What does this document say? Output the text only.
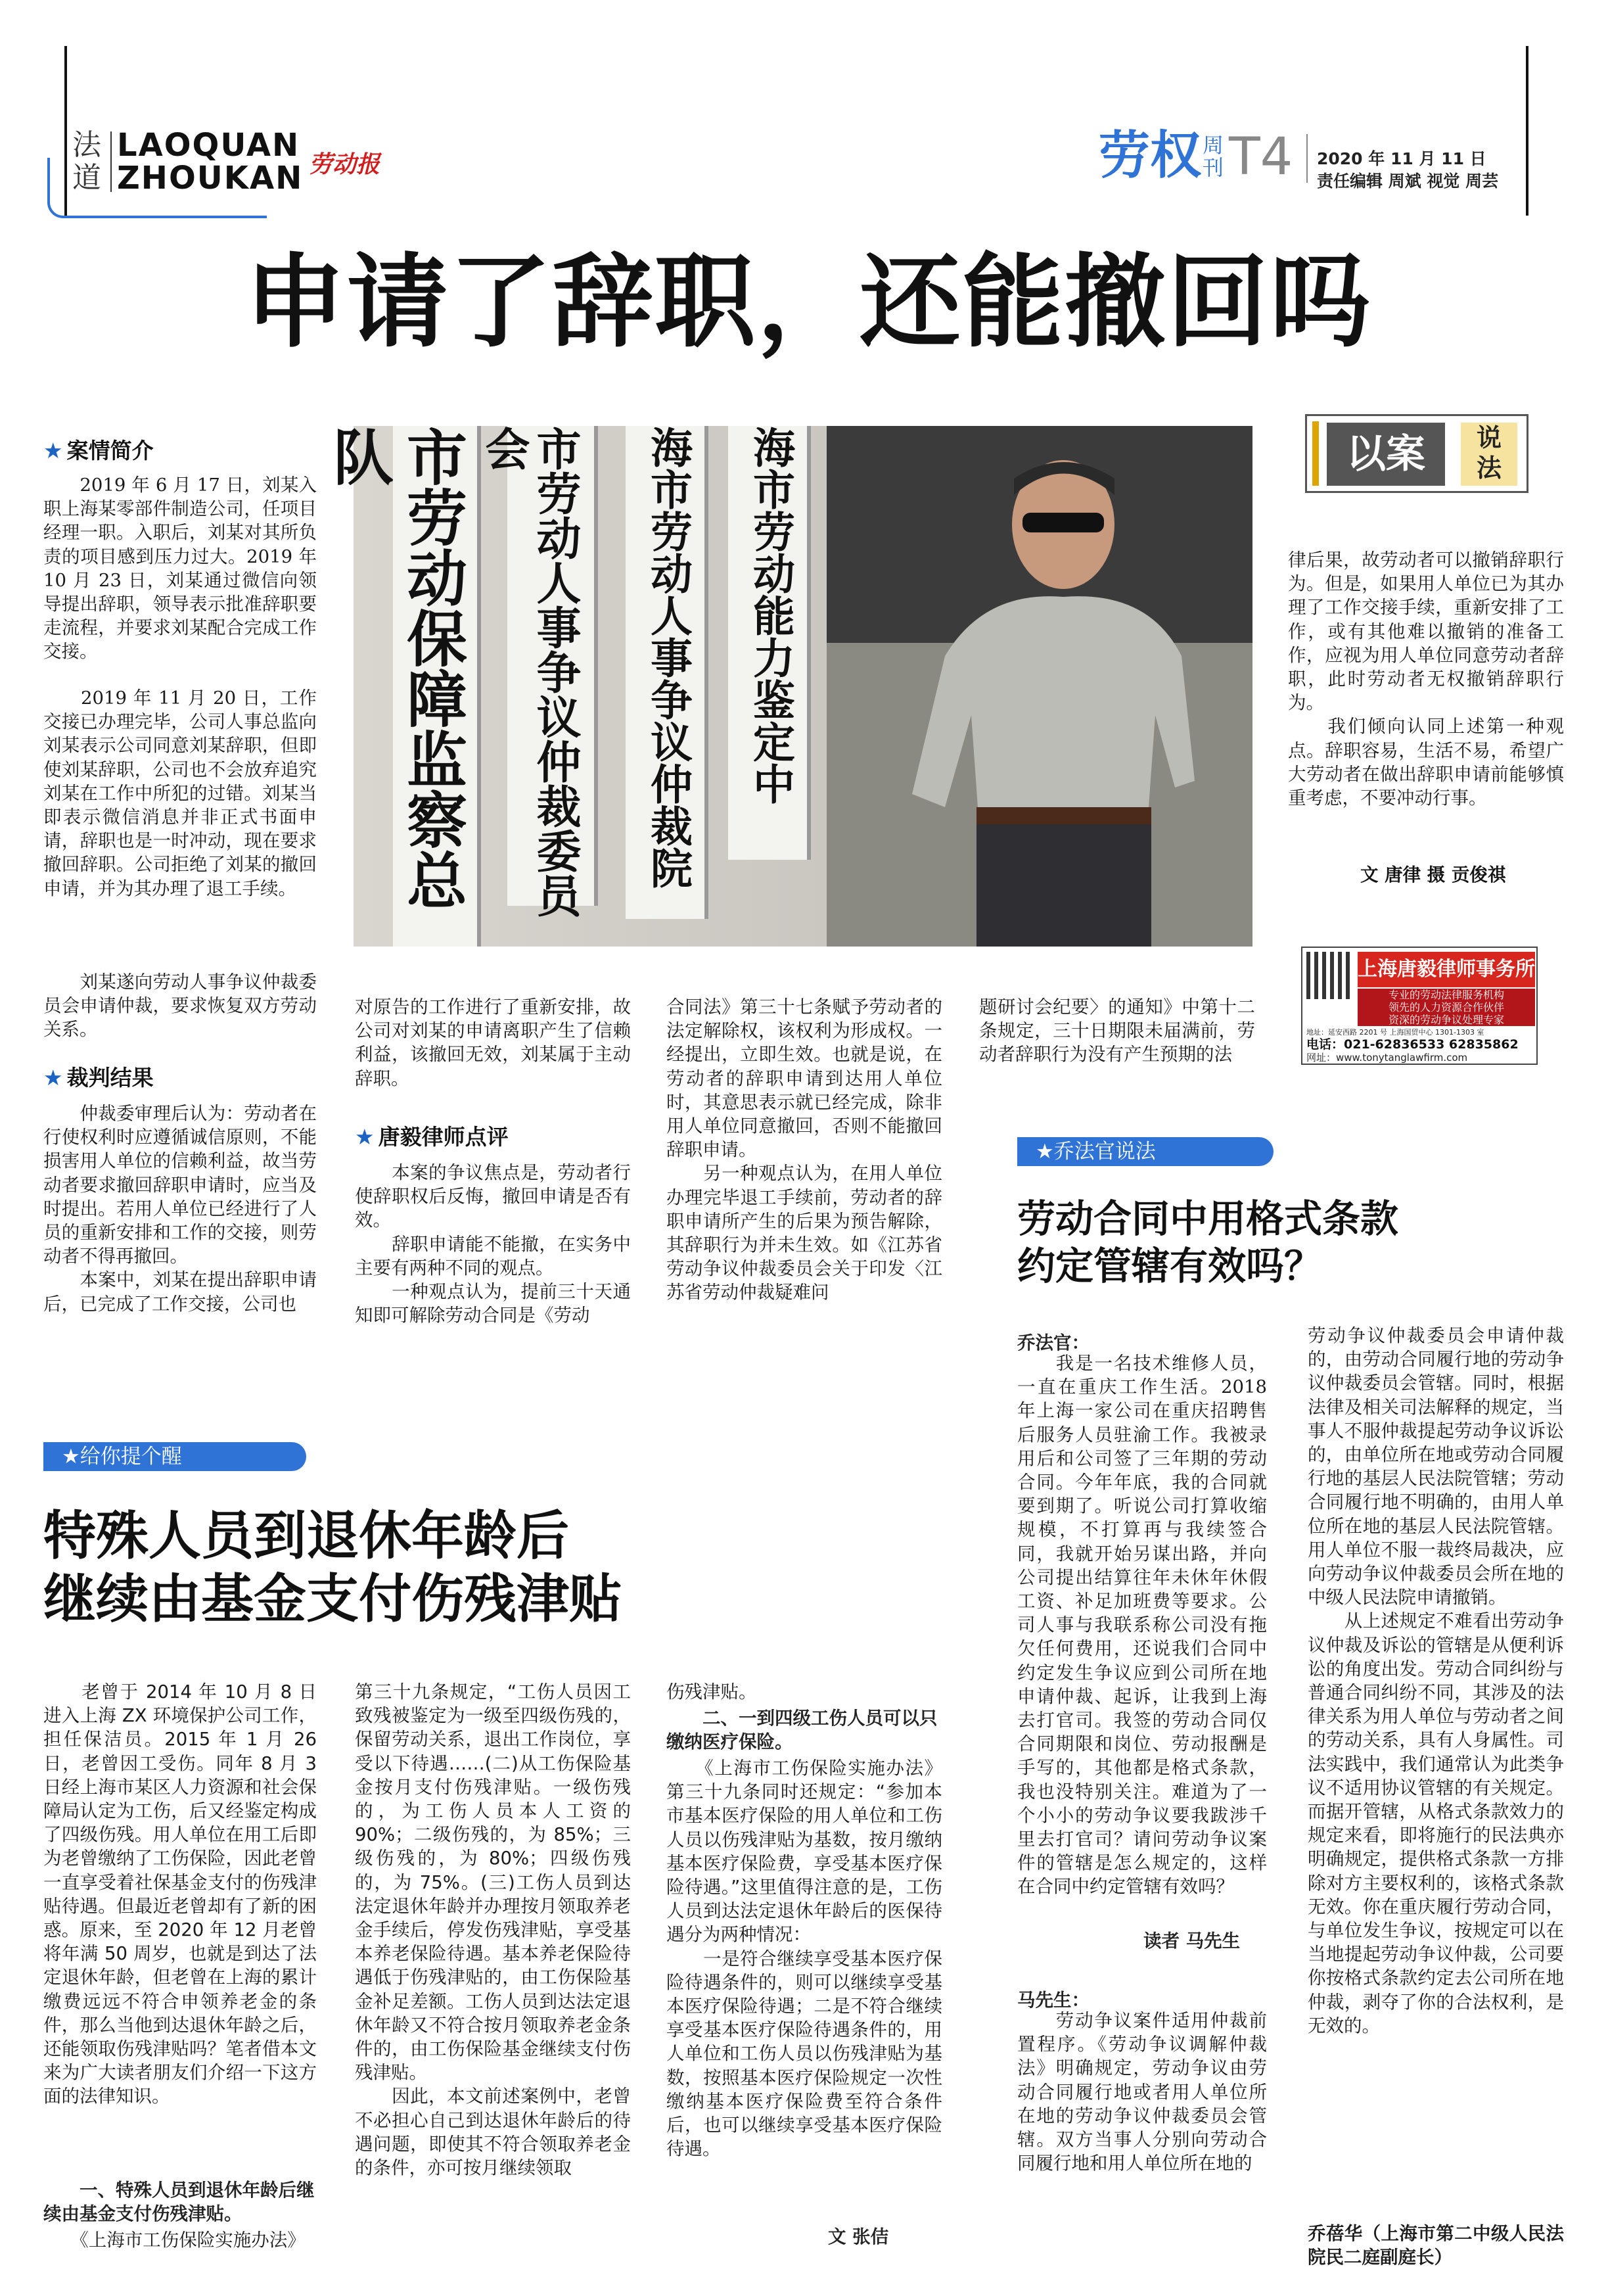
法
道
LAOQUAN
ZHOUKAN 劳动报	劳权 周
刊 T4 2020 年 11 月 11 日
责任编辑 周斌 视觉 周芸
申请了辞职，还能撤回吗
市劳动保障监察总队	市劳动人事争议仲裁委员会	海市劳动人事争议仲裁院 海市劳动能力鉴定中	以案	说
法
★ 案情简介

　　2019 年 6 月 17 日，刘某入职上海某零部件制造公司，任项目经理一职。入职后，刘某对其所负责的项目感到压力过大。2019 年 10 月 23 日，刘某通过微信向领导提出辞职，领导表示批准辞职要走流程，并要求刘某配合完成工作交接。

　　2019 年 11 月 20 日，工作交接已办理完毕，公司人事总监向刘某表示公司同意刘某辞职，但即使刘某辞职，公司也不会放弃追究刘某在工作中所犯的过错。刘某当即表示微信消息并非正式书面申请，辞职也是一时冲动，现在要求撤回辞职。公司拒绝了刘某的撤回申请，并为其办理了退工手续。

　　刘某遂向劳动人事争议仲裁委员会申请仲裁，要求恢复双方劳动关系。

★ 裁判结果

　　仲裁委审理后认为：劳动者在行使权利时应遵循诚信原则，不能损害用人单位的信赖利益，故当劳动者要求撤回辞职申请时，应当及时提出。若用人单位已经进行了人员的重新安排和工作的交接，则劳动者不得再撤回。
　　本案中，刘某在提出辞职申请后，已完成了工作交接，公司也

对原告的工作进行了重新安排，故公司对刘某的申请离职产生了信赖利益，该撤回无效，刘某属于主动辞职。

★ 唐毅律师点评

　　本案的争议焦点是，劳动者行使辞职权后反悔，撤回申请是否有效。
　　辞职申请能不能撤，在实务中主要有两种不同的观点。
　　一种观点认为，提前三十天通知即可解除劳动合同是《劳动

合同法》第三十七条赋予劳动者的法定解除权，该权利为形成权。一经提出，立即生效。也就是说，在劳动者的辞职申请到达用人单位时，其意思表示就已经完成，除非用人单位同意撤回，否则不能撤回辞职申请。
　　另一种观点认为，在用人单位办理完毕退工手续前，劳动者的辞职申请所产生的后果为预告解除，其辞职行为并未生效。如《江苏省劳动争议仲裁委员会关于印发〈江苏省劳动仲裁疑难问

题研讨会纪要〉的通知》中第十二条规定，三十日期限未届满前，劳动者辞职行为没有产生预期的法

律后果，故劳动者可以撤销辞职行为。但是，如果用人单位已为其办理了工作交接手续，重新安排了工作，或有其他难以撤销的准备工作，应视为用人单位同意劳动者辞职，此时劳动者无权撤销辞职行为。
　　我们倾向认同上述第一种观点。辞职容易，生活不易，希望广大劳动者在做出辞职申请前能够慎重考虑，不要冲动行事。

文 唐律 摄 贡俊祺
上海唐毅律师事务所
专业的劳动法律服务机构
领先的人力资源合作伙伴
资深的劳动争议处理专家
地址：延安西路 2201 号 上海国贸中心 1301-1303 室
电话：021-62836533 62835862
网址：www.tonytanglawfirm.com
★乔法官说法
劳动合同中用格式条款
约定管辖有效吗？
乔法官：

　　我是一名技术维修人员，一直在重庆工作生活。2018 年上海一家公司在重庆招聘售后服务人员驻渝工作。我被录用后和公司签了三年期的劳动合同。今年年底，我的合同就要到期了。听说公司打算收缩规模，不打算再与我续签合同，我就开始另谋出路，并向公司提出结算往年未休年休假工资、补足加班费等要求。公司人事与我联系称公司没有拖欠任何费用，还说我们合同中约定发生争议应到公司所在地申请仲裁、起诉，让我到上海去打官司。我签的劳动合同仅合同期限和岗位、劳动报酬是手写的，其他都是格式条款，我也没特别关注。难道为了一个小小的劳动争议要我跋涉千里去打官司？请问劳动争议案件的管辖是怎么规定的，这样在合同中约定管辖有效吗？

读者 马先生
马先生：

　　劳动争议案件适用仲裁前置程序。《劳动争议调解仲裁法》明确规定，劳动争议由劳动合同履行地或者用人单位所在地的劳动争议仲裁委员会管辖。双方当事人分别向劳动合同履行地和用人单位所在地的

劳动争议仲裁委员会申请仲裁的，由劳动合同履行地的劳动争议仲裁委员会管辖。同时，根据法律及相关司法解释的规定，当事人不服仲裁提起劳动争议诉讼的，由单位所在地或劳动合同履行地的基层人民法院管辖；劳动合同履行地不明确的，由用人单位所在地的基层人民法院管辖。用人单位不服一裁终局裁决，应向劳动争议仲裁委员会所在地的中级人民法院申请撤销。
　　从上述规定不难看出劳动争议仲裁及诉讼的管辖是从便利诉讼的角度出发。劳动合同纠纷与普通合同纠纷不同，其涉及的法律关系为用人单位与劳动者之间的劳动关系，具有人身属性。司法实践中，我们通常认为此类争议不适用协议管辖的有关规定。而据开管辖，从格式条款效力的规定来看，即将施行的民法典亦明确规定，提供格式条款一方排除对方主要权利的，该格式条款无效。你在重庆履行劳动合同，与单位发生争议，按规定可以在当地提起劳动争议仲裁，公司要你按格式条款约定去公司所在地仲裁，剥夺了你的合法权利，是无效的。

乔蓓华（上海市第二中级人民法院民二庭副庭长）

★给你提个醒
特殊人员到退休年龄后
继续由基金支付伤残津贴

　　老曾于 2014 年 10 月 8 日进入上海 ZX 环境保护公司工作，担任保洁员。2015 年 1 月 26 日，老曾因工受伤。同年 8 月 3 日经上海市某区人力资源和社会保障局认定为工伤，后又经鉴定构成了四级伤残。用人单位在用工后即为老曾缴纳了工伤保险，因此老曾一直享受着社保基金支付的伤残津贴待遇。但最近老曾却有了新的困惑。原来，至 2020 年 12 月老曾将年满 50 周岁，也就是到达了法定退休年龄，但老曾在上海的累计缴费远远不符合申领养老金的条件，那么当他到达退休年龄之后，还能领取伤残津贴吗？笔者借本文来为广大读者朋友们介绍一下这方面的法律知识。

　　一、特殊人员到退休年龄后继续由基金支付伤残津贴。

　　《上海市工伤保险实施办法》

第三十九条规定，“工伤人员因工致残被鉴定为一级至四级伤残的，保留劳动关系，退出工作岗位，享受以下待遇……(二)从工伤保险基金按月支付伤残津贴。一级伤残的，为工伤人员本人工资的 90%；二级伤残的，为 85%；三级伤残的，为 80%；四级伤残的，为 75%。(三)工伤人员到达法定退休年龄并办理按月领取养老金手续后，停发伤残津贴，享受基本养老保险待遇。基本养老保险待遇低于伤残津贴的，由工伤保险基金补足差额。工伤人员到达法定退休年龄又不符合按月领取养老金条件的，由工伤保险基金继续支付伤残津贴。
　　因此，本文前述案例中，老曾不必担心自己到达退休年龄后的待遇问题，即使其不符合领取养老金的条件，亦可按月继续领取

伤残津贴。

　　二、一到四级工伤人员可以只缴纳医疗保险。

　　《上海市工伤保险实施办法》第三十九条同时还规定：“参加本市基本医疗保险的用人单位和工伤人员以伤残津贴为基数，按月缴纳基本医疗保险费，享受基本医疗保险待遇。”这里值得注意的是，工伤人员到达法定退休年龄后的医保待遇分为两种情况：
　　一是符合继续享受基本医疗保险待遇条件的，则可以继续享受基本医疗保险待遇；二是不符合继续享受基本医疗保险待遇条件的，用人单位和工伤人员以伤残津贴为基数，按照基本医疗保险规定一次性缴纳基本医疗保险费至符合条件后，也可以继续享受基本医疗保险待遇。

文 张佶
